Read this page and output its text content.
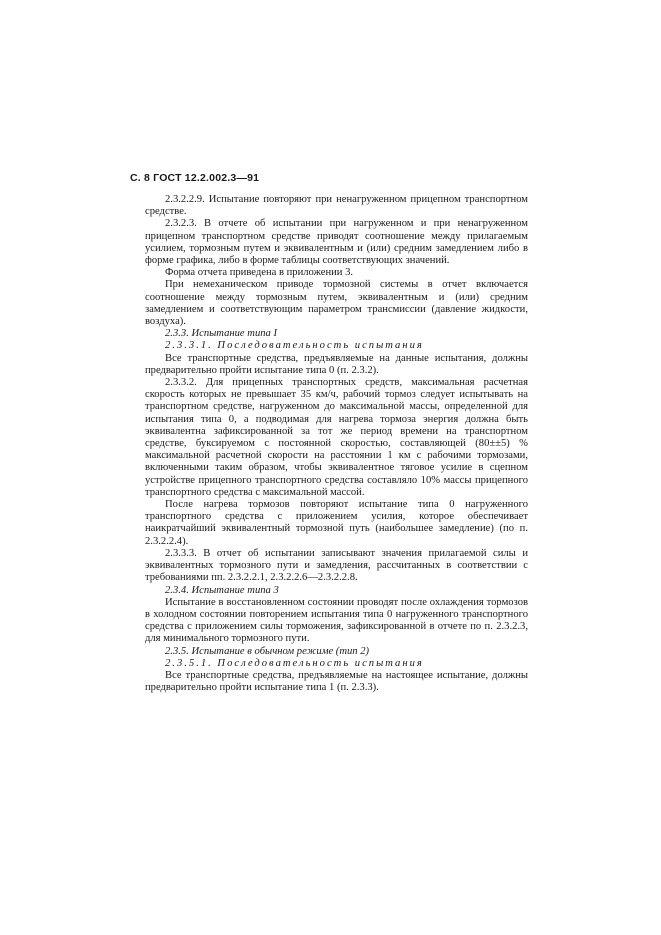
С. 8 ГОСТ 12.2.002.3—91

2.3.2.2.9. Испытание повторяют при ненагруженном прицепном транспортном средстве.

2.3.2.3. В отчете об испытании при нагруженном и при ненагруженном прицепном транспортном средстве приводят соотношение между прилагаемым усилием, тормозным путем и эквивалентным и (или) средним замедлением либо в форме графика, либо в форме таблицы соответствующих значений.

Форма отчета приведена в приложении 3.

При немеханическом приводе тормозной системы в отчет включается соотношение между тормозным путем, эквивалентным и (или) средним замедлением и соответствующим параметром трансмиссии (давление жидкости, воздуха).

2.3.3. Испытание типа I

2.3.3.1. Последовательность испытания

Все транспортные средства, предъявляемые на данные испытания, должны предварительно пройти испытание типа 0 (п. 2.3.2).

2.3.3.2. Для прицепных транспортных средств, максимальная расчетная скорость которых не превышает 35 км/ч, рабочий тормоз следует испытывать на транспортном средстве, нагруженном до максимальной массы, определенной для испытания типа 0, а подводимая для нагрева тормоза энергия должна быть эквивалентна зафиксированной за тот же период времени на транспортном средстве, буксируемом с постоянной скоростью, составляющей (80±±5) % максимальной расчетной скорости на расстоянии 1 км с рабочими тормозами, включенными таким образом, чтобы эквивалентное тяговое усилие в сцепном устройстве прицепного транспортного средства составляло 10% массы прицепного транспортного средства с максимальной массой.

После нагрева тормозов повторяют испытание типа 0 нагруженного транспортного средства с приложением усилия, которое обеспечивает наикратчайший эквивалентный тормозной путь (наибольшее замедление) (по п. 2.3.2.2.4).

2.3.3.3. В отчет об испытании записывают значения прилагаемой силы и эквивалентных тормозного пути и замедления, рассчитанных в соответствии с требованиями пп. 2.3.2.2.1, 2.3.2.2.6—2.3.2.2.8.

2.3.4. Испытание типа 3

Испытание в восстановленном состоянии проводят после охлаждения тормозов в холодном состоянии повторением испытания типа 0 нагруженного транспортного средства с приложением силы торможения, зафиксированной в отчете по п. 2.3.2.3, для минимального тормозного пути.

2.3.5. Испытание в обычном режиме (тип 2)

2.3.5.1. Последовательность испытания

Все транспортные средства, предъявляемые на настоящее испытание, должны предварительно пройти испытание типа 1 (п. 2.3.3).
